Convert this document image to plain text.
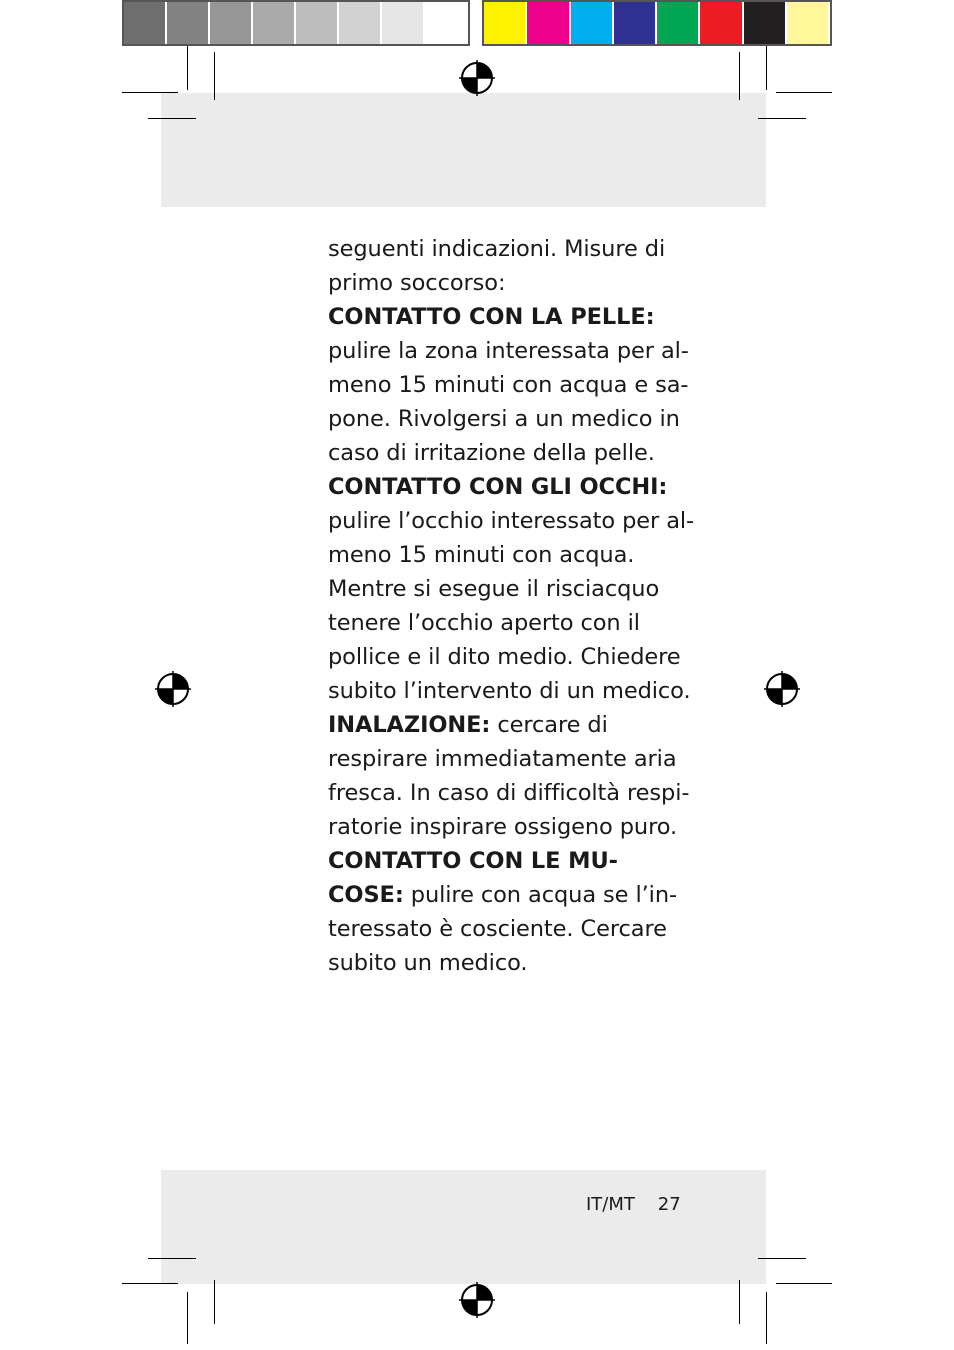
seguenti indicazioni. Misure di

primo soccorso:

CONTATTO CON LA PELLE:

pulire la zona interessata per al-

meno 15 minuti con acqua e sa-

pone. Rivolgersi a un medico in

caso di irritazione della pelle.

CONTATTO CON GLI OCCHI:

pulire l’occhio interessato per al-

meno 15 minuti con acqua.

Mentre si esegue il risciacquo

tenere l’occhio aperto con il

pollice e il dito medio. Chiedere

subito l’intervento di un medico.

INALAZIONE: cercare di

respirare immediatamente aria

fresca. In caso di difficoltà respi-

ratorie inspirare ossigeno puro.

CONTATTO CON LE MU-

COSE: pulire con acqua se l’in-

teressato è cosciente. Cercare

subito un medico.

IT/MT 27
